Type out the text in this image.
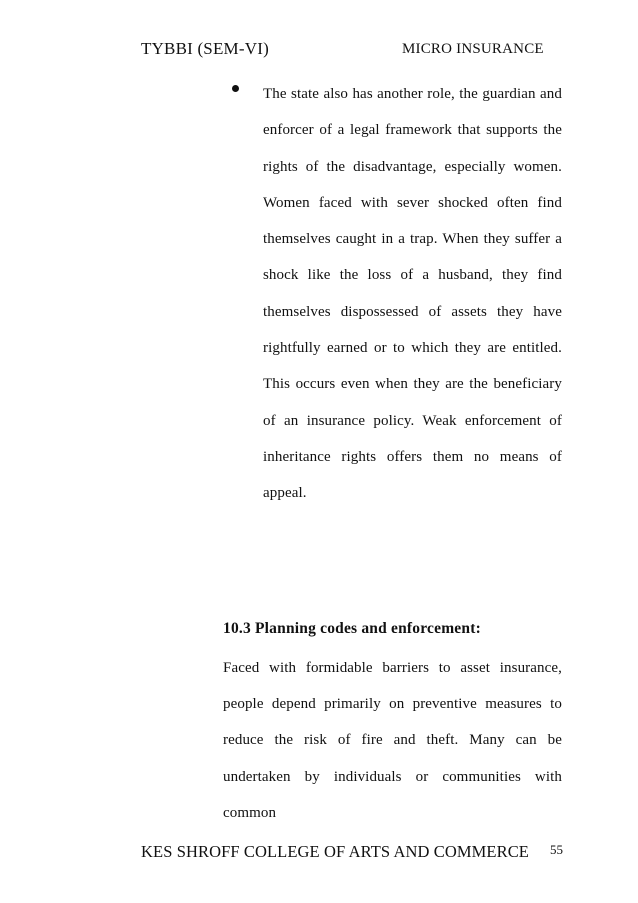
TYBBI (SEM-VI)	MICRO INSURANCE
The state also has another role, the guardian and enforcer of a legal framework that supports the rights of the disadvantage, especially women. Women faced with sever shocked often find themselves caught in a trap. When they suffer a shock like the loss of a husband, they find themselves dispossessed of assets they have rightfully earned or to which they are entitled. This occurs even when they are the beneficiary of an insurance policy. Weak enforcement of inheritance rights offers them no means of appeal.
10.3 Planning codes and enforcement:

Faced with formidable barriers to asset insurance, people depend primarily on preventive measures to reduce the risk of fire and theft. Many can be undertaken by individuals or communities with common

KES SHROFF COLLEGE OF ARTS AND COMMERCE 55
